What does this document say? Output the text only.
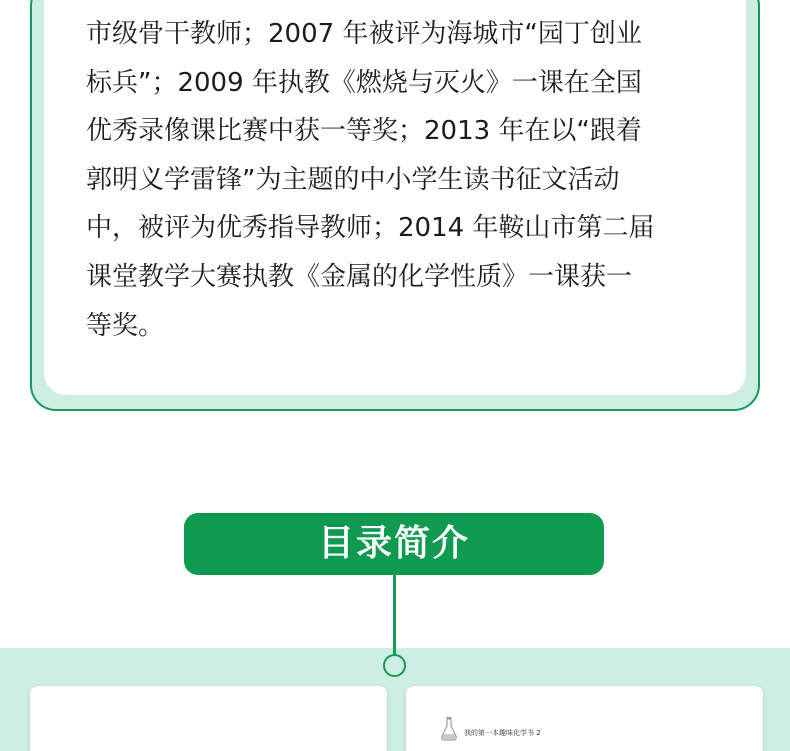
市级骨干教师；2007 年被评为海城市“园丁创业
标兵”；2009 年执教《燃烧与灭火》一课在全国
优秀录像课比赛中获一等奖；2013 年在以“跟着
郭明义学雷锋”为主题的中小学生读书征文活动
中，被评为优秀指导教师；2014 年鞍山市第二届
课堂教学大赛执教《金属的化学性质》一课获一
等奖。
目录简介
我的第一本趣味化学书 2
